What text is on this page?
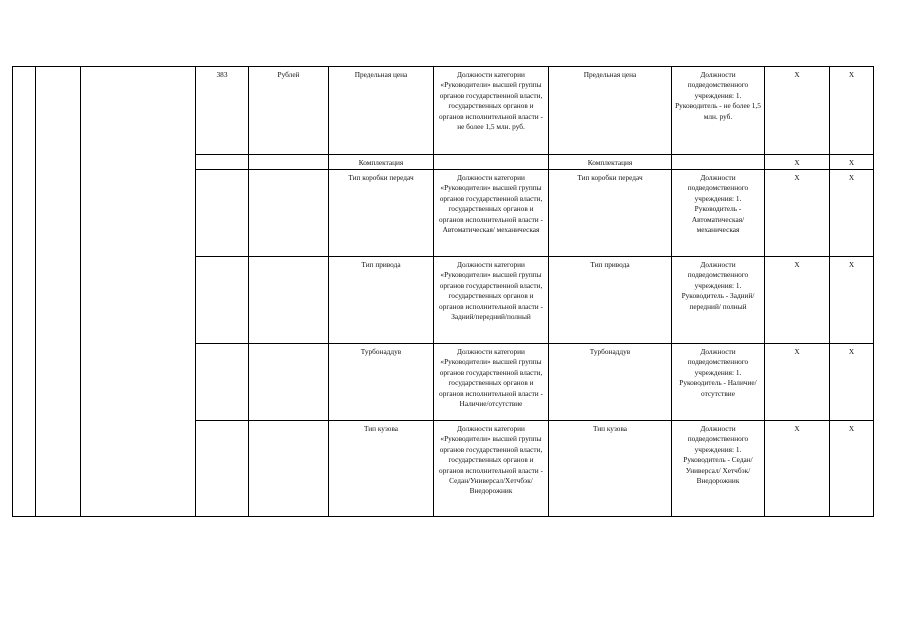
			383	Рублей	Предельная цена	Должности категории «Руководители» высшей группы органов государственной власти, государственных органов и органов исполнительной власти - не более 1,5 млн. руб.	Предельная цена	Должности подведомственного учреждения: 1. Руководитель - не более 1,5 млн. руб.	X	X
					Комплектация		Комплектация		X	X
					Тип коробки передач	Должности категории «Руководители» высшей группы органов государственной власти, государственных органов и органов исполнительной власти - Автоматическая/ механическая	Тип коробки передач	Должности подведомственного учреждения: 1. Руководитель - Автоматическая/ механическая	X	X
					Тип привода	Должности категории «Руководители» высшей группы органов государственной власти, государственных органов и органов исполнительной власти - Задний/передний/полный	Тип привода	Должности подведомственного учреждения: 1. Руководитель - Задний/передний/ полный	X	X
					Турбонаддув	Должности категории «Руководители» высшей группы органов государственной власти, государственных органов и органов исполнительной власти - Наличие/отсутствие	Турбонаддув	Должности подведомственного учреждения: 1. Руководитель - Наличие/отсутствие	X	X
					Тип кузова	Должности категории «Руководители» высшей группы органов государственной власти, государственных органов и органов исполнительной власти - Седан/Универсал/Хетчбэк/Внедорожник	Тип кузова	Должности подведомственного учреждения: 1. Руководитель - Седан/Универсал/ Хетчбэк/Внедорожник	X	X
